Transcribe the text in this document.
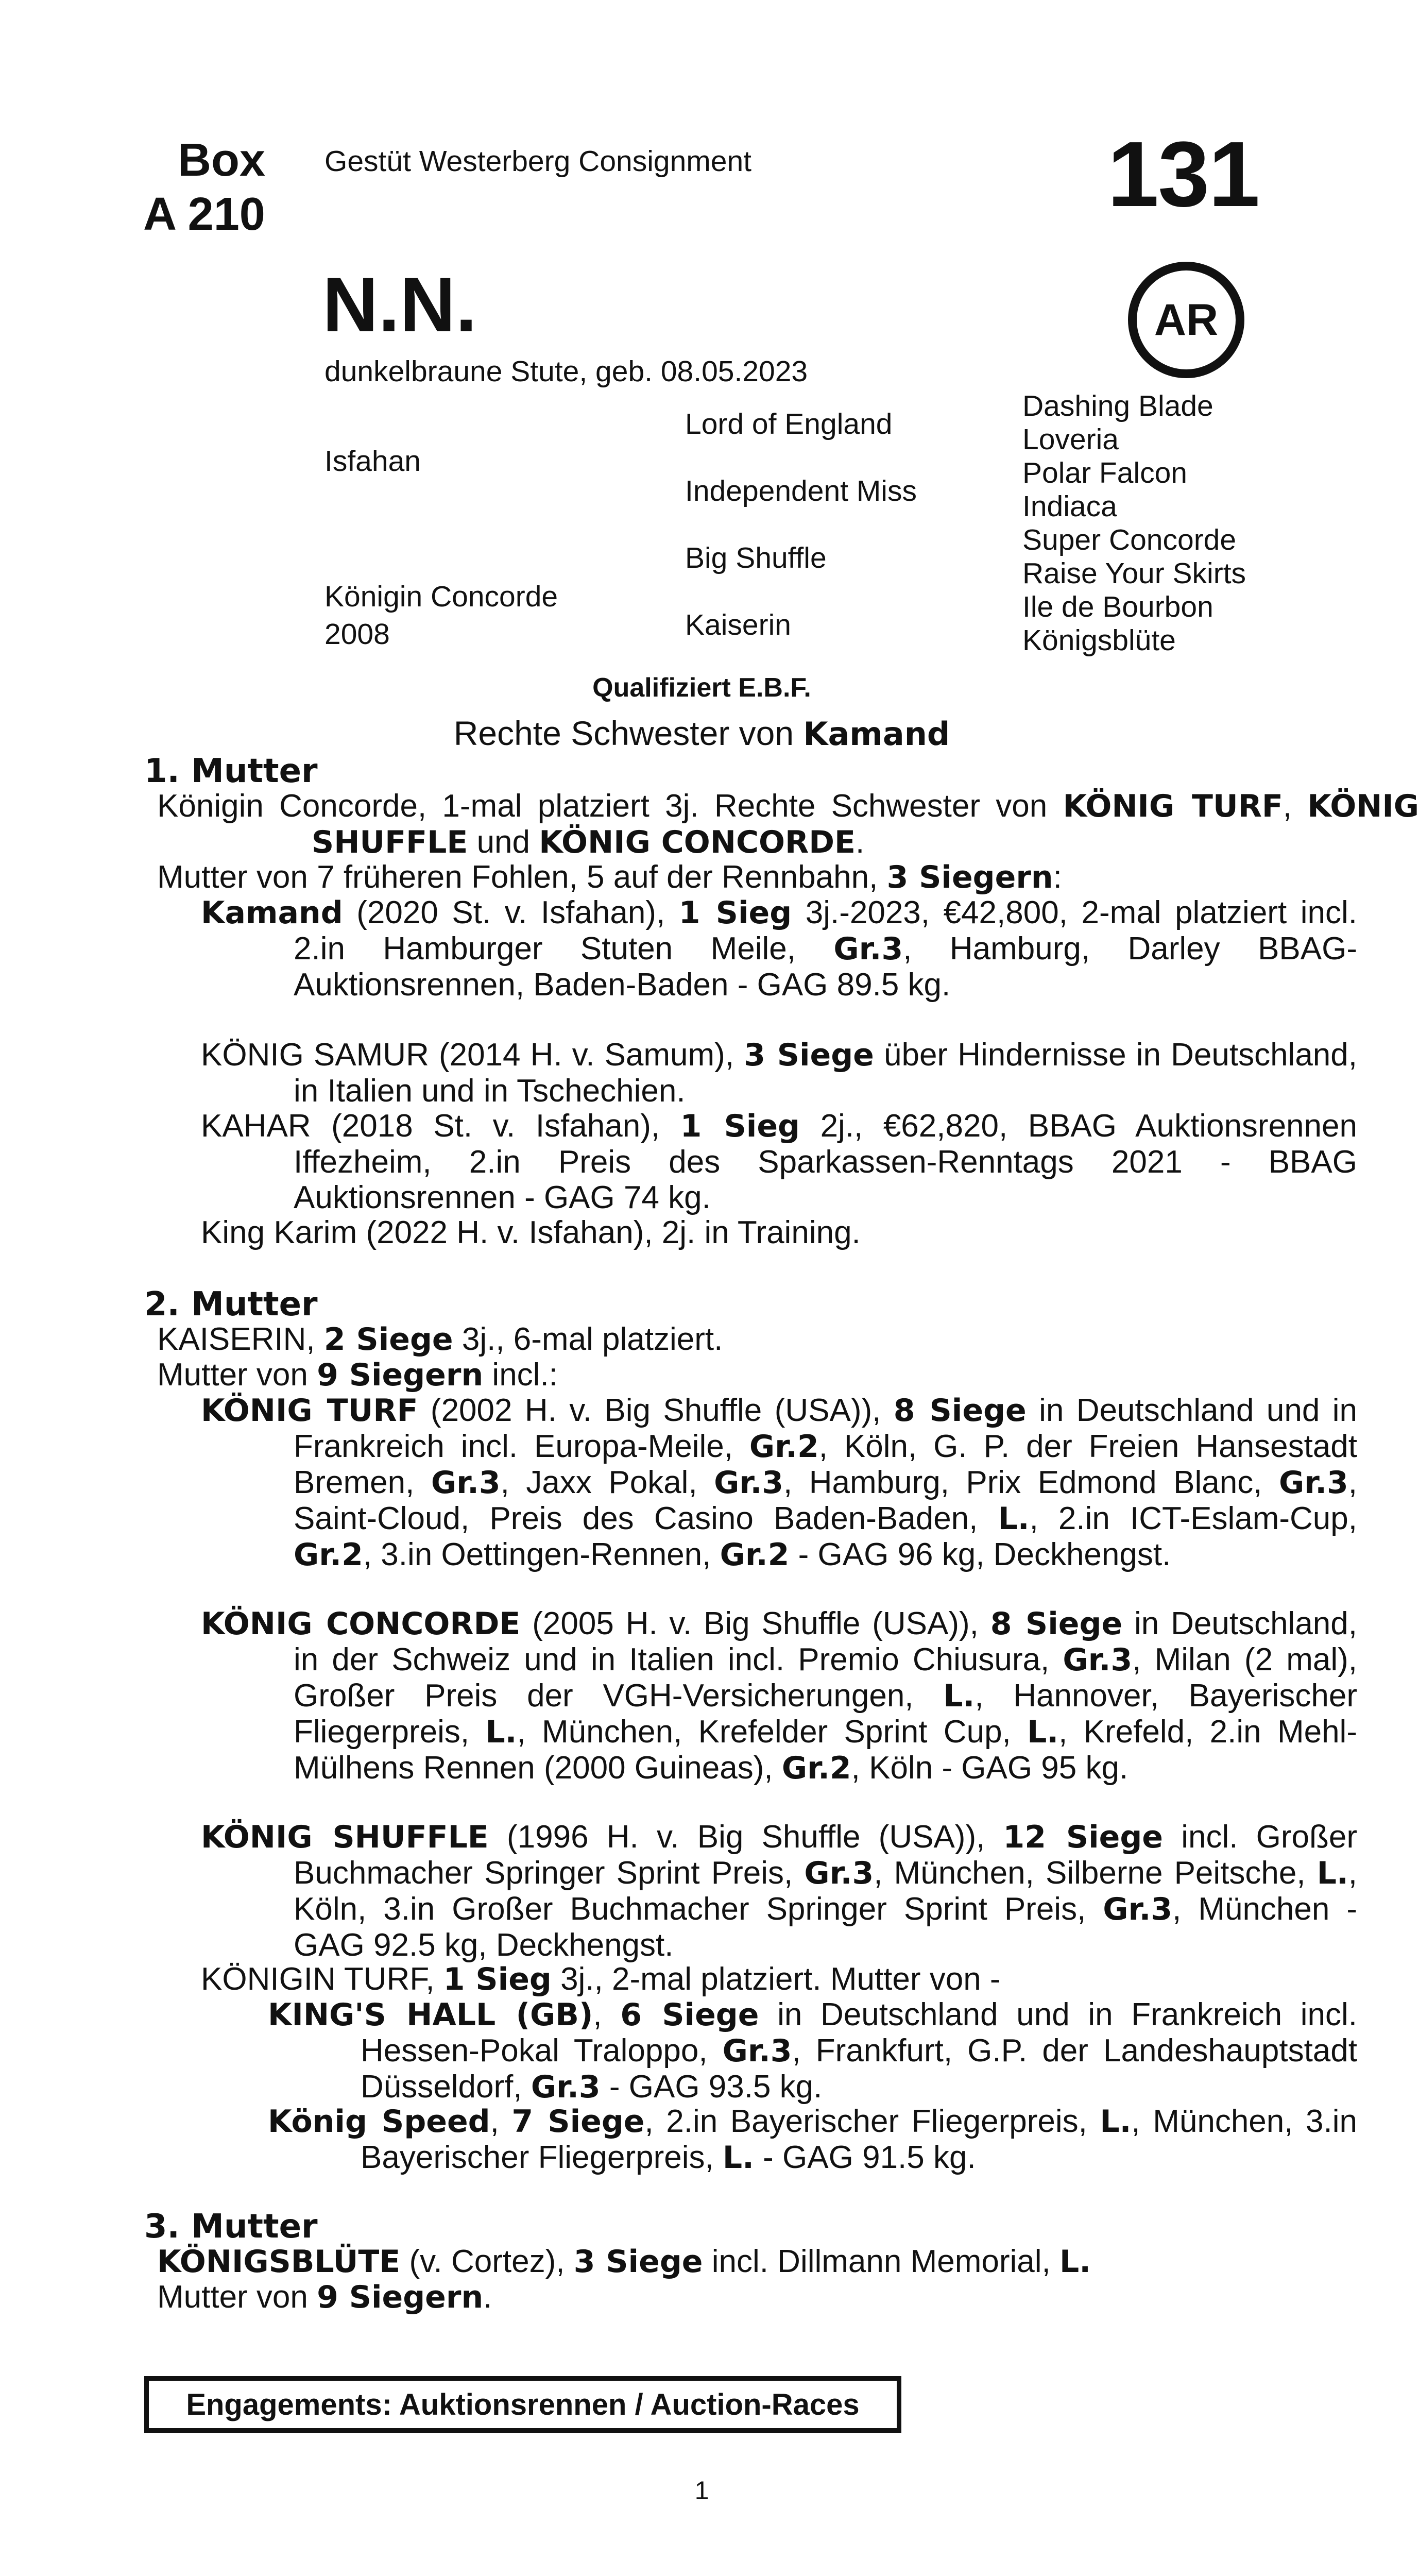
Box
A 210
Gestüt Westerberg Consignment	131
AR
N.N.
dunkelbraune Stute, geb. 08.05.2023
Isfahan
Königin Concorde
2008
Lord of England
Independent Miss
Big Shuffle
Kaiserin
Dashing Blade
Loveria
Polar Falcon
Indiaca
Super Concorde
Raise Your Skirts
Ile de Bourbon
Königsblüte
Qualifiziert E.B.F.
Rechte Schwester von Kamand
1. Mutter
Königin Concorde, 1-mal platziert 3j. Rechte Schwester von KÖNIG TURF, KÖNIG SHUFFLE und KÖNIG CONCORDE.
Mutter von 7 früheren Fohlen, 5 auf der Rennbahn, 3 Siegern:
Kamand (2020 St. v. Isfahan), 1 Sieg 3j.-2023, €42,800, 2-mal platziert incl. 2.in Hamburger Stuten Meile, Gr.3, Hamburg, Darley BBAG-Auktionsrennen, Baden-Baden - GAG 89.5 kg.
KÖNIG SAMUR (2014 H. v. Samum), 3 Siege über Hindernisse in Deutschland, in Italien und in Tschechien.
KAHAR (2018 St. v. Isfahan), 1 Sieg 2j., €62,820, BBAG Auktionsrennen Iffezheim, 2.in Preis des Sparkassen-Renntags 2021 - BBAG Auktionsrennen - GAG 74 kg.
King Karim (2022 H. v. Isfahan), 2j. in Training.
2. Mutter
KAISERIN, 2 Siege 3j., 6-mal platziert.
Mutter von 9 Siegern incl.:
KÖNIG TURF (2002 H. v. Big Shuffle (USA)), 8 Siege in Deutschland und in Frankreich incl. Europa-Meile, Gr.2, Köln, G. P. der Freien Hansestadt Bremen, Gr.3, Jaxx Pokal, Gr.3, Hamburg, Prix Edmond Blanc, Gr.3, Saint-Cloud, Preis des Casino Baden-Baden, L., 2.in ICT-Eslam-Cup, Gr.2, 3.in Oettingen-Rennen, Gr.2 - GAG 96 kg, Deckhengst.
KÖNIG CONCORDE (2005 H. v. Big Shuffle (USA)), 8 Siege in Deutschland, in der Schweiz und in Italien incl. Premio Chiusura, Gr.3, Milan (2 mal), Großer Preis der VGH-Versicherungen, L., Hannover, Bayerischer Fliegerpreis, L., München, Krefelder Sprint Cup, L., Krefeld, 2.in Mehl-Mülhens Rennen (2000 Guineas), Gr.2, Köln - GAG 95 kg.
KÖNIG SHUFFLE (1996 H. v. Big Shuffle (USA)), 12 Siege incl. Großer Buchmacher Springer Sprint Preis, Gr.3, München, Silberne Peitsche, L., Köln, 3.in Großer Buchmacher Springer Sprint Preis, Gr.3, München - GAG 92.5 kg, Deckhengst.
KÖNIGIN TURF, 1 Sieg 3j., 2-mal platziert. Mutter von -
KING'S HALL (GB), 6 Siege in Deutschland und in Frankreich incl. Hessen-Pokal Traloppo, Gr.3, Frankfurt, G.P. der Landeshauptstadt Düsseldorf, Gr.3 - GAG 93.5 kg.
König Speed, 7 Siege, 2.in Bayerischer Fliegerpreis, L., München, 3.in Bayerischer Fliegerpreis, L. - GAG 91.5 kg.
3. Mutter
KÖNIGSBLÜTE (v. Cortez), 3 Siege incl. Dillmann Memorial, L.
Mutter von 9 Siegern.
Engagements: Auktionsrennen / Auction-Races
1
